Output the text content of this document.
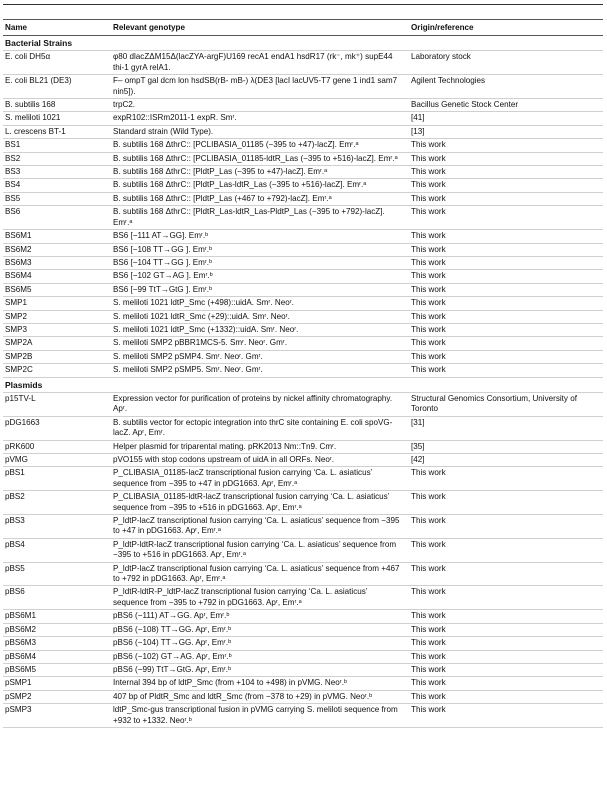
Name	Relevant genotype	Origin/reference
Bacterial Strains		
E. coli DH5α	φ80 dlacZΔM15Δ(lacZYA-argF)U169 recA1 endA1 hsdR17 (rk⁻, mk⁺) supE44 thi-1 gyrA relA1.	Laboratory stock
E. coli BL21 (DE3)	F– ompT gal dcm lon hsdSB(rB- mB-) λ(DE3 [lacI lacUV5-T7 gene 1 ind1 sam7 nin5]).	Agilent Technologies
B. subtilis 168	trpC2.	Bacillus Genetic Stock Center
S. meliloti 1021	expR102::ISRm2011-1 expR. Smʳ.	[41]
L. crescens BT-1	Standard strain (Wild Type).	[13]
BS1	B. subtilis 168 ΔthrC:: [PCLIBASIA_01185 (−395 to +47)-lacZ]. Emʳ.ᵃ	This work
BS2	B. subtilis 168 ΔthrC:: [PCLIBASIA_01185-ldtR_Las (−395 to +516)-lacZ]. Emʳ.ᵃ	This work
BS3	B. subtilis 168 ΔthrC:: [PldtP_Las (−395 to +47)-lacZ]. Emʳ.ᵃ	This work
BS4	B. subtilis 168 ΔthrC:: [PldtP_Las-ldtR_Las (−395 to +516)-lacZ]. Emʳ.ᵃ	This work
BS5	B. subtilis 168 ΔthrC:: [PldtP_Las (+467 to +792)-lacZ]. Emʳ.ᵃ	This work
BS6	B. subtilis 168 ΔthrC:: [PldtR_Las-ldtR_Las-PldtP_Las (−395 to +792)-lacZ]. Emʳ.ᵃ	This work
BS6M1	BS6 [−111 AT→GG]. Emʳ.ᵇ	This work
BS6M2	BS6 [−108 TT→GG ]. Emʳ.ᵇ	This work
BS6M3	BS6 [−104 TT→GG ]. Emʳ.ᵇ	This work
BS6M4	BS6 [−102 GT→AG ]. Emʳ.ᵇ	This work
BS6M5	BS6 [−99 TtT→GtG ]. Emʳ.ᵇ	This work
SMP1	S. meliloti 1021 ldtP_Smc (+498)::uidA. Smʳ. Neoʳ.	This work
SMP2	S. meliloti 1021 ldtR_Smc (+29)::uidA. Smʳ. Neoʳ.	This work
SMP3	S. meliloti 1021 ldtP_Smc (+1332)::uidA. Smʳ. Neoʳ.	This work
SMP2A	S. meliloti SMP2 pBBR1MCS-5. Smʳ. Neoʳ. Gmʳ.	This work
SMP2B	S. meliloti SMP2 pSMP4. Smʳ. Neoʳ. Gmʳ.	This work
SMP2C	S. meliloti SMP2 pSMP5. Smʳ. Neoʳ. Gmʳ.	This work
Plasmids		
p15TV-L	Expression vector for purification of proteins by nickel affinity chromatography. Apʳ.	Structural Genomics Consortium, University of Toronto
pDG1663	B. subtilis vector for ectopic integration into thrC site containing E. coli spoVG-lacZ. Apʳ, Emʳ.	[31]
pRK600	Helper plasmid for triparental mating. pRK2013 Nm::Tn9. Cmʳ.	[35]
pVMG	pVO155 with stop codons upstream of uidA in all ORFs. Neoʳ.	[42]
pBS1	P_CLIBASIA_01185-lacZ transcriptional fusion carrying ‘Ca. L. asiaticus’ sequence from −395 to +47 in pDG1663. Apʳ, Emʳ.ᵃ	This work
pBS2	P_CLIBASIA_01185-ldtR-lacZ transcriptional fusion carrying ‘Ca. L. asiaticus’ sequence from −395 to +516 in pDG1663. Apʳ, Emʳ.ᵃ	This work
pBS3	P_ldtP-lacZ transcriptional fusion carrying ‘Ca. L. asiaticus’ sequence from −395 to +47 in pDG1663. Apʳ, Emʳ.ᵃ	This work
pBS4	P_ldtP-ldtR-lacZ transcriptional fusion carrying ‘Ca. L. asiaticus’ sequence from −395 to +516 in pDG1663. Apʳ, Emʳ.ᵃ	This work
pBS5	P_ldtP-lacZ transcriptional fusion carrying ‘Ca. L. asiaticus’ sequence from +467 to +792 in pDG1663. Apʳ, Emʳ.ᵃ	This work
pBS6	P_ldtR-ldtR-P_ldtP-lacZ transcriptional fusion carrying ‘Ca. L. asiaticus’ sequence from −395 to +792 in pDG1663. Apʳ, Emʳ.ᵃ	This work
pBS6M1	pBS6 (−111) AT→GG. Apʳ, Emʳ.ᵇ	This work
pBS6M2	pBS6 (−108) TT→GG. Apʳ, Emʳ.ᵇ	This work
pBS6M3	pBS6 (−104) TT→GG. Apʳ, Emʳ.ᵇ	This work
pBS6M4	pBS6 (−102) GT→AG. Apʳ, Emʳ.ᵇ	This work
pBS6M5	pBS6 (−99) TtT→GtG. Apʳ, Emʳ.ᵇ	This work
pSMP1	Internal 394 bp of ldtP_Smc (from +104 to +498) in pVMG. Neoʳ.ᵇ	This work
pSMP2	407 bp of PldtR_Smc and ldtR_Smc (from −378 to +29) in pVMG. Neoʳ.ᵇ	This work
pSMP3	ldtP_Smc-gus transcriptional fusion in pVMG carrying S. meliloti sequence from +932 to +1332. Neoʳ.ᵇ	This work
